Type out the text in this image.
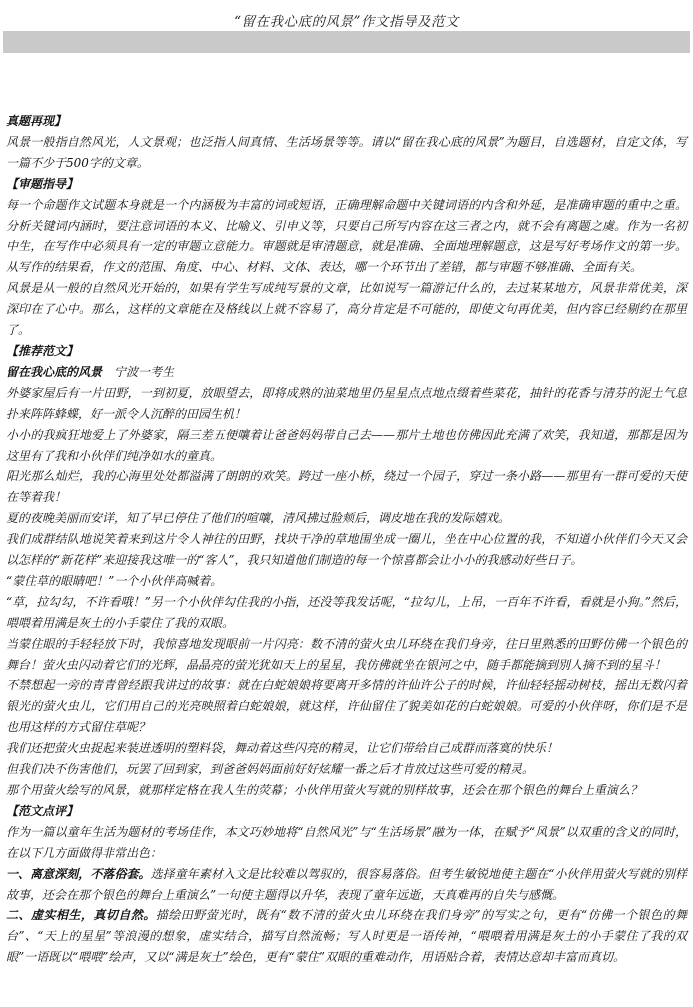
“留在我心底的风景”作文指导及范文

真题再现】

风景一般指自然风光，人文景观；也泛指人间真情、生活场景等等。请以“留在我心底的风景”为题目，自选题材，自定文体，写一篇不少于500字的文章。

【审题指导】

每一个命题作文试题本身就是一个内涵极为丰富的词或短语，正确理解命题中关键词语的内含和外延，是准确审题的重中之重。分析关键词内涵时，要注意词语的本义、比喻义、引申义等，只要自己所写内容在这三者之内，就不会有离题之虞。作为一名初中生，在写作中必须具有一定的审题立意能力。审题就是审清题意，就是准确、全面地理解题意，这是写好考场作文的第一步。从写作的结果看，作文的范围、角度、中心、材料、文体、表达，哪一个环节出了差错，都与审题不够准确、全面有关。

风景是从一般的自然风光开始的，如果有学生写成纯写景的文章，比如说写一篇游记什么的，去过某某地方，风景非常优美，深深印在了心中。那么，这样的文章能在及格线以上就不容易了，高分肯定是不可能的，即使文句再优美，但内容已经剔约在那里了。

【推荐范文】

留在我心底的风景　宁波一考生

外婆家屋后有一片田野，一到初夏，放眼望去，即将成熟的油菜地里仍星星点点地点缀着些菜花，抽针的花香与清芬的泥土气息扑来阵阵蜂蝶，好一派令人沉醉的田园生机！

小小的我疯狂地爱上了外婆家，隔三差五便嚷着让爸爸妈妈带自己去——那片土地也仿佛因此充满了欢笑，我知道，那都是因为这里有了我和小伙伴们纯净如水的童真。

阳光那么灿烂，我的心海里处处都溢满了朗朗的欢笑。跨过一座小桥，绕过一个园子，穿过一条小路——那里有一群可爱的天使在等着我！

夏的夜晚美丽而安详，知了早已停住了他们的喧嚷，清风拂过脸颊后，调皮地在我的发际嬉戏。

我们成群结队地说笑着来到这片令人神往的田野，找块干净的草地围坐成一圈儿，坐在中心位置的我，不知道小伙伴们今天又会以怎样的“新花样”来迎接我这唯一的“客人”，我只知道他们制造的每一个惊喜都会让小小的我感动好些日子。

“蒙住草的眼睛吧！”一个小伙伴高喊着。

“草，拉勾勾，不许看哦！”另一个小伙伴勾住我的小指，还没等我发话呢，“拉勾儿，上吊，一百年不许看，看就是小狗。”然后，喂喂着用满是灰土的小手蒙住了我的双眼。

当蒙住眼的手轻轻放下时，我惊喜地发现眼前一片闪亮：数不清的萤火虫儿环绕在我们身旁，往日里熟悉的田野仿佛一个银色的舞台！萤火虫闪动着它们的光辉，晶晶亮的萤光犹如天上的星星，我仿佛就坐在银河之中，随手都能摘到别人摘不到的星斗！

不禁想起一旁的青青曾经跟我讲过的故事：就在白蛇娘娘将要离开多情的许仙许公子的时候，许仙轻轻摇动树枝，摇出无数闪着银光的萤火虫儿，它们用自己的光亮映照着白蛇娘娘，就这样，许仙留住了貌美如花的白蛇娘娘。可爱的小伙伴呀，你们是不是也用这样的方式留住草呢？

我们还把萤火虫捉起来装进透明的塑料袋，舞动着这些闪亮的精灵，让它们带给自己成群而落寞的快乐！

但我们决不伤害他们，玩罢了回到家，到爸爸妈妈面前好好炫耀一番之后才肯放过这些可爱的精灵。

那个用萤火绘写的风景，就那样定格在我人生的荧幕；小伙伴用萤火写就的别样故事，还会在那个银色的舞台上重演么？

【范文点评】

作为一篇以童年生活为题材的考场佳作，本文巧妙地将“自然风光”与“生活场景”融为一体，在赋予“风景”以双重的含义的同时，在以下几方面做得非常出色：

一、离意深刻，不落俗套。选择童年素材入文是比较难以驾驭的，很容易落俗。但考生敏锐地使主题在“小伙伴用萤火写就的别样故事，还会在那个银色的舞台上重演么”一句使主题得以升华，表现了童年远逝，天真难再的自失与感慨。

二、虚实相生，真切自然。描绘田野萤光时，既有“数不清的萤火虫儿环绕在我们身旁”的写实之句，更有“仿佛一个银色的舞台”、“天上的星星”等浪漫的想象，虚实结合，描写自然流畅；写人时更是一语传神，“喂喂着用满是灰土的小手蒙住了我的双眼”一语既以“喂喂”绘声，又以“满是灰土”绘色，更有“蒙住”双眼的重难动作，用语贴合着，表情达意却丰富而真切。
